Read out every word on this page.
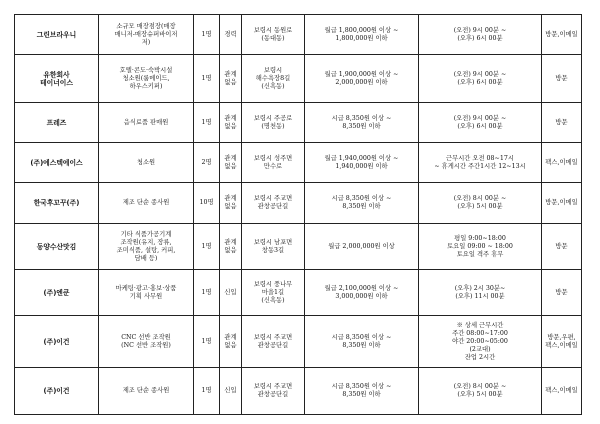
그린브라우니	소규모 매장점장(매장
매니저-매장슈퍼바이저
저)	1명	경력	보령시 동원로
(동대동)	월급 1,800,000원 이상 ~
1,800,000원 이하	(오전) 9시 00분 ~
(오후) 6시 00분	방문,이메일

유한회사
테이너이스	호텔·콘도·숙박시설
청소원(룸메이드,
하우스키퍼)	1명	관계
없음	보령시
해수욕장8길
(신흑동)	월급 1,900,000원 이상 ~
2,000,000원 이하	(오전) 9시 00분 ~
(오후) 6시 00분	방문

프레즈	음식료품 판매원	1명	관계
없음	보령시 주공로
(명천동)	시급 8,350원 이상 ~
8,350원 이하	(오전) 9시 00분 ~
(오후) 6시 00분	방문

(주)에스텍에이스	청소원	2명	관계
없음	보령시 성주면
만수로	월급 1,940,000원 이상 ~
1,940,000원 이하	근무시간 오전 08~17시
~ 휴게시간 주간1시간 12~13시	팩스,이메일

한국후꼬꾸(주)	제조 단순 종사원	10명	관계
없음	보령시 주교면
관창공단길	시급 8,350원 이상 ~
8,350원 이하	(오전) 8시 00분 ~
(오후) 5시 00분	방문,이메일

동양수산맛김	기타 식품가공기계
조작원(유지, 장류,
조미식품, 설탕, 커피,
담배 등)	1명	관계
없음	보령시 남포면
창동3길	월급 2,000,000원 이상	평일 9:00~18:00
토요일 09:00 ~ 18:00
토요일 격주 휴무	방문

(주)엔쿤	마케팅·광고·홍보·상품
기획 사무원	1명	신입	보령시 풍나무
마을1길
(신흑동)	월급 2,100,000원 이상 ~
3,000,000원 이하	(오후) 2시 30분~
(오후) 11시 00분	방문

(주)이건	CNC 선반 조작원
(NC 선반 조작원)	1명	관계
없음	보령시 주교면
관창공단길	시급 8,350원 이상 ~
8,350원 이하	※ 상세 근무시간
주간 08:00~17:00
야간 20:00~05:00
(2교대)
잔업 2시간	방문,우편,
팩스,이메일

(주)이건	제조 단순 종사원	1명	신입	보령시 주교면
관창공단길	시급 8,350원 이상 ~
8,350원 이하	(오전) 8시 00분 ~
(오후) 5시 00분	팩스,이메일
